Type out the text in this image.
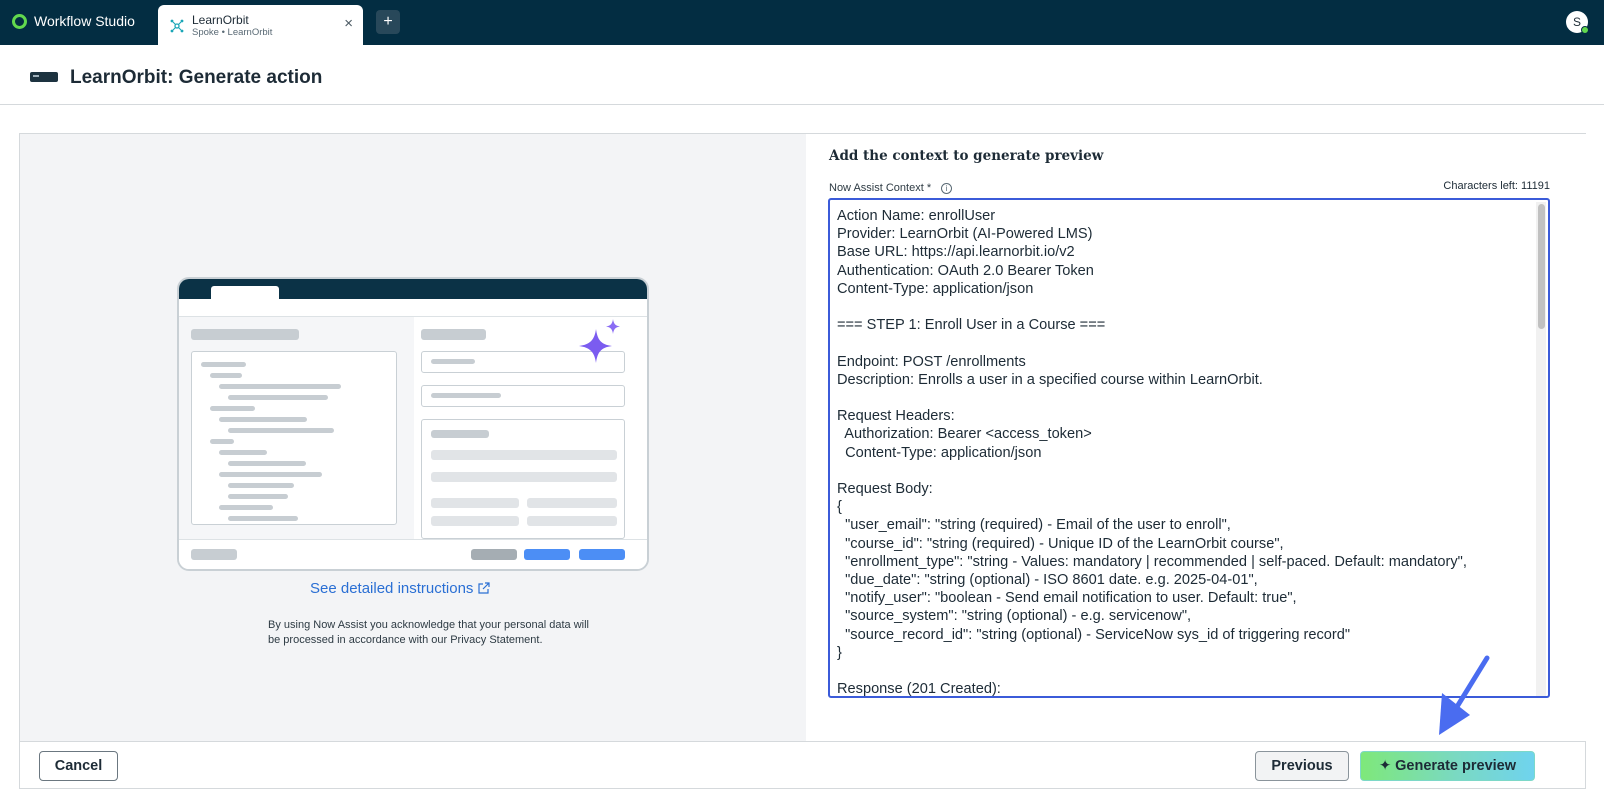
Workflow Studio	LearnOrbit
Spoke • LearnOrbit
×	+	S
LearnOrbit: Generate action
See detailed instructions
By using Now Assist you acknowledge that your personal data will be processed in accordance with our Privacy Statement.
Add the context to generate preview
Now Assist Context *	i	Characters left: 11191
Action Name: enrollUser
Provider: LearnOrbit (AI-Powered LMS)
Base URL: https://api.learnorbit.io/v2
Authentication: OAuth 2.0 Bearer Token
Content-Type: application/json

=== STEP 1: Enroll User in a Course ===

Endpoint: POST /enrollments
Description: Enrolls a user in a specified course within LearnOrbit.

Request Headers:
Authorization: Bearer <access_token>
Content-Type: application/json

Request Body:
{
"user_email": "string (required) - Email of the user to enroll",
"course_id": "string (required) - Unique ID of the LearnOrbit course",
"enrollment_type": "string - Values: mandatory | recommended | self-paced. Default: mandatory",
"due_date": "string (optional) - ISO 8601 date. e.g. 2025-04-01",
"notify_user": "boolean - Send email notification to user. Default: true",
"source_system": "string (optional) - e.g. servicenow",
"source_record_id": "string (optional) - ServiceNow sys_id of triggering record"
}

Response (201 Created):
Cancel	Previous	✦ Generate preview
